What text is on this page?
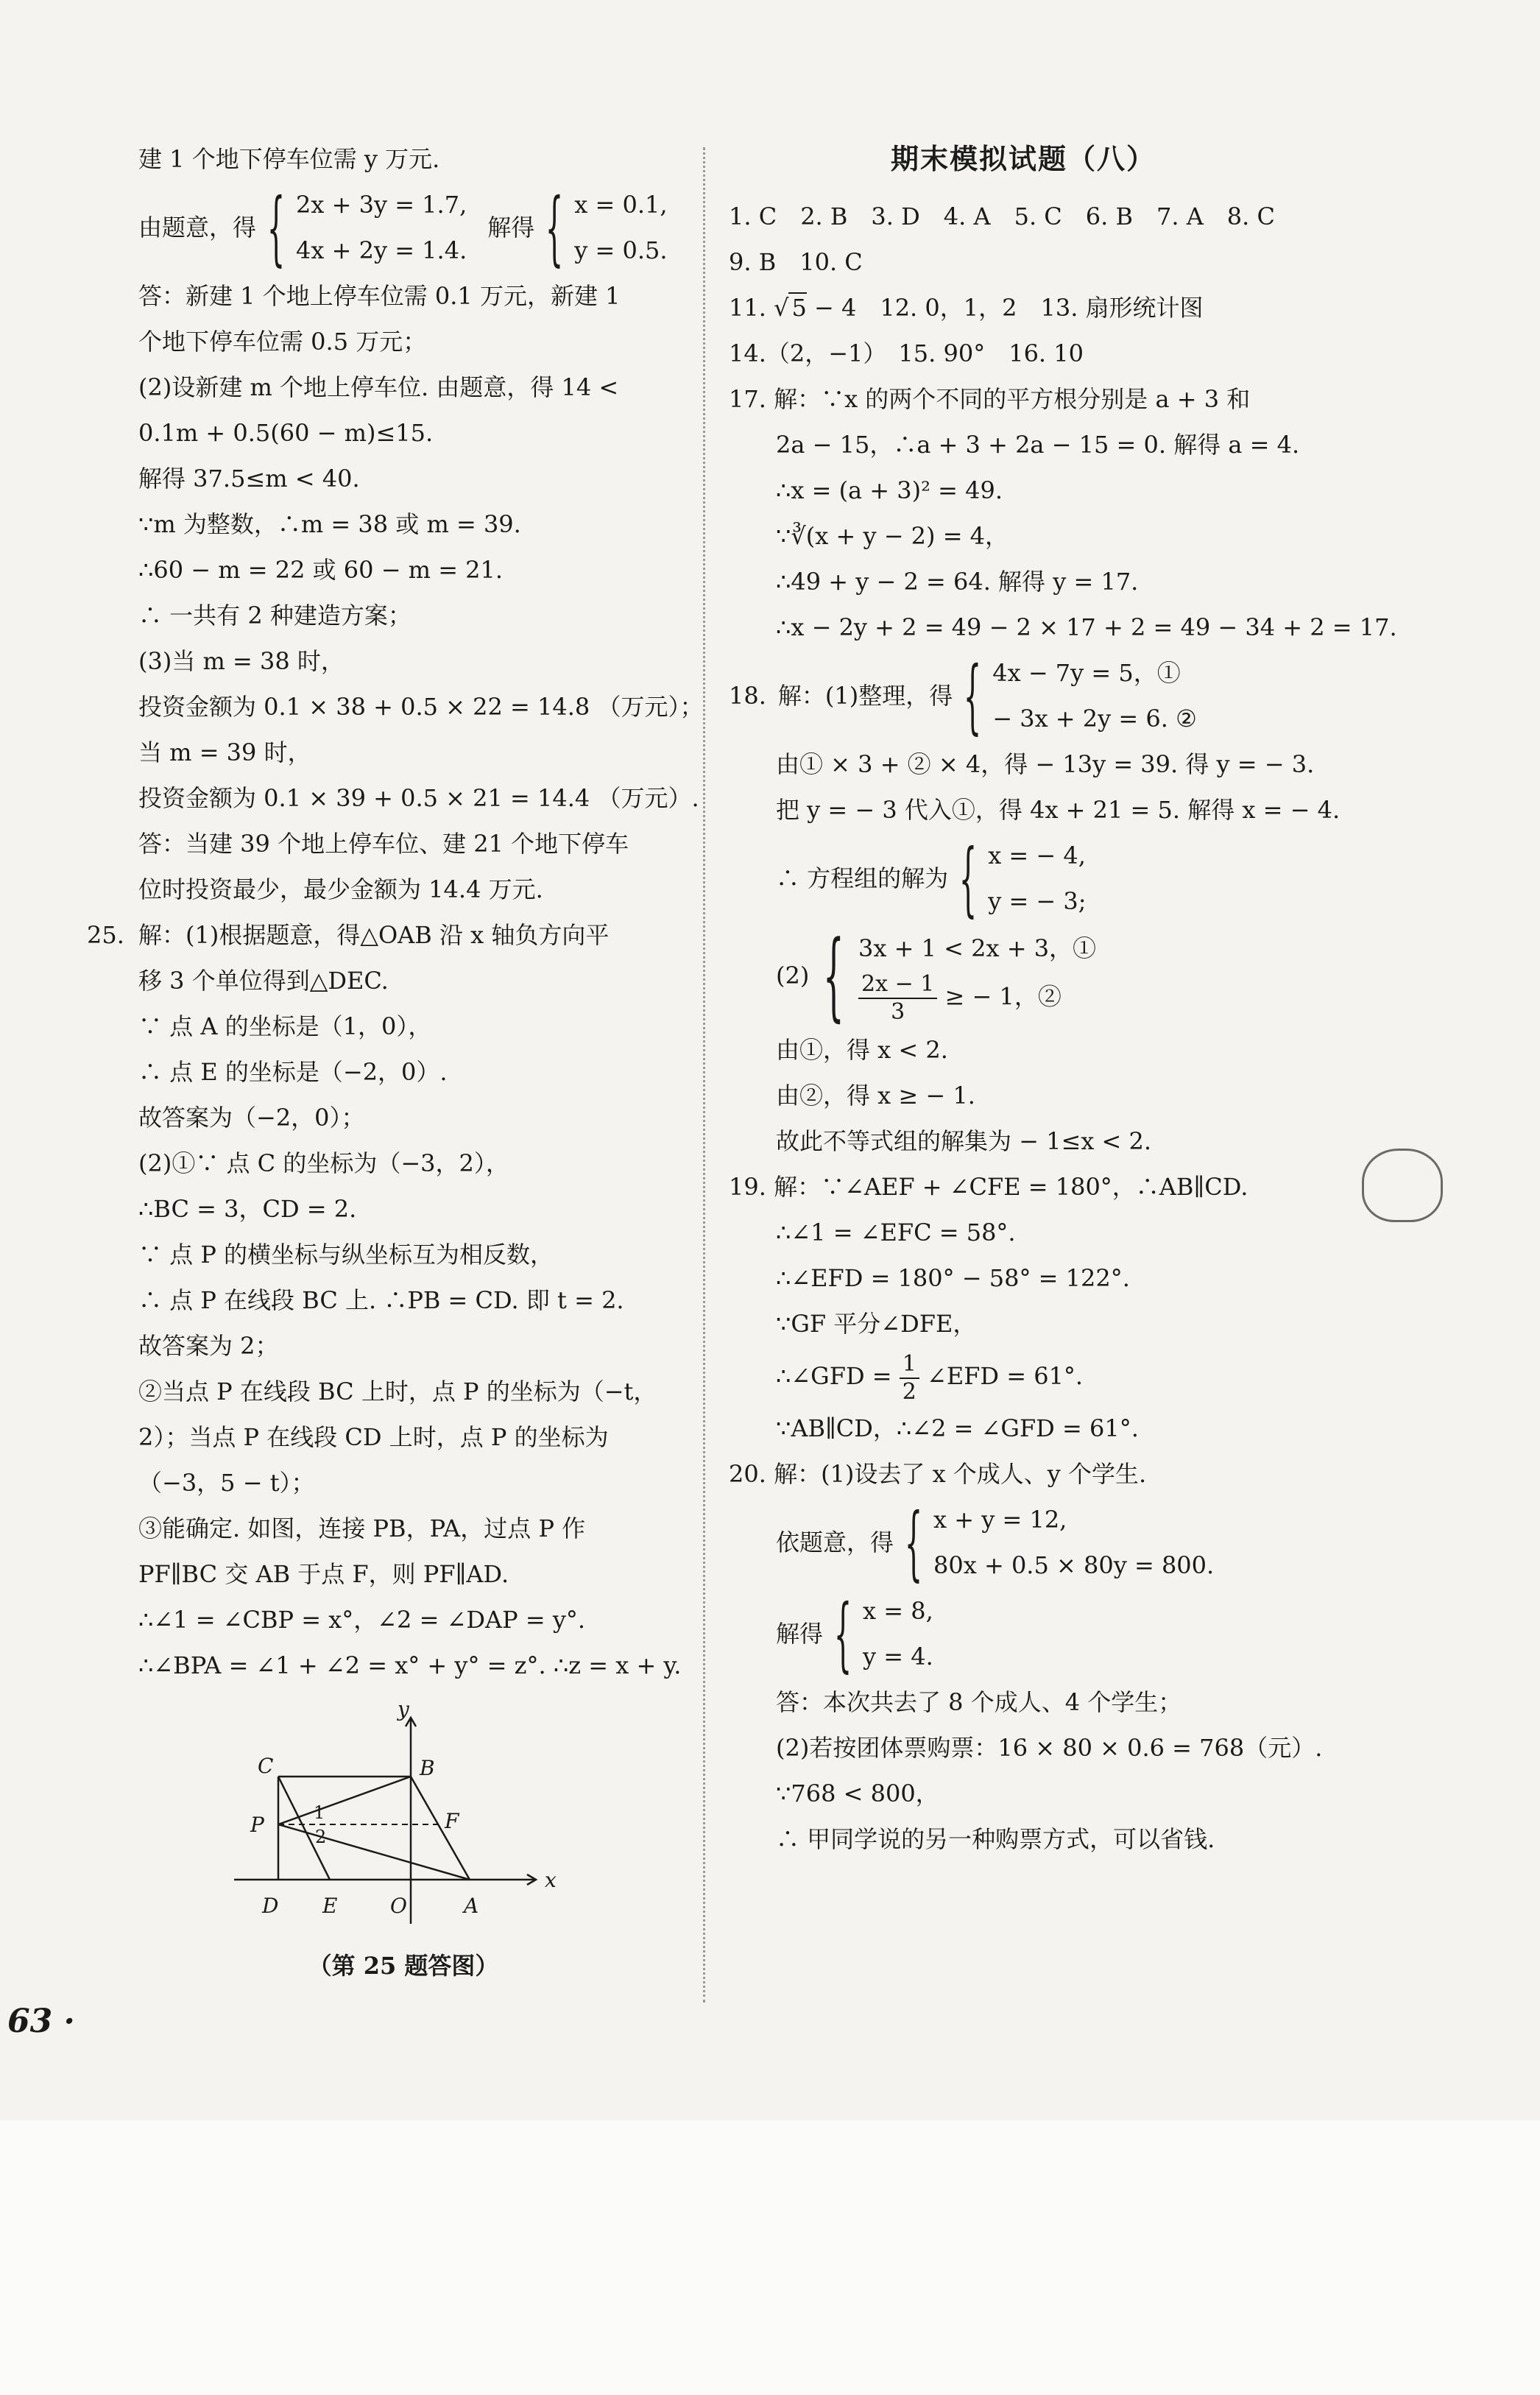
建 1 个地下停车位需 y 万元.
由题意，得 { 2x + 3y = 1.7,
4x + 2y = 1.4.
解得 { x = 0.1,
y = 0.5.
答：新建 1 个地上停车位需 0.1 万元，新建 1
个地下停车位需 0.5 万元；
(2)设新建 m 个地上停车位. 由题意，得 14 <
0.1m + 0.5(60 − m)≤15.
解得 37.5≤m < 40.
∵m 为整数，∴m = 38 或 m = 39.
∴60 − m = 22 或 60 − m = 21.
∴ 一共有 2 种建造方案；
(3)当 m = 38 时，
投资金额为 0.1 × 38 + 0.5 × 22 = 14.8 （万元）；
当 m = 39 时，
投资金额为 0.1 × 39 + 0.5 × 21 = 14.4 （万元）.
答：当建 39 个地上停车位、建 21 个地下停车
位时投资最少，最少金额为 14.4 万元.
25. 解：(1)根据题意，得△OAB 沿 x 轴负方向平
移 3 个单位得到△DEC.
∵ 点 A 的坐标是（1，0），
∴ 点 E 的坐标是（−2，0）.
故答案为（−2，0）；
(2)①∵ 点 C 的坐标为（−3，2），
∴BC = 3，CD = 2.
∵ 点 P 的横坐标与纵坐标互为相反数，
∴ 点 P 在线段 BC 上. ∴PB = CD. 即 t = 2.
故答案为 2；
②当点 P 在线段 BC 上时，点 P 的坐标为（−t，
2）；当点 P 在线段 CD 上时，点 P 的坐标为
（−3，5 − t）；
③能确定. 如图，连接 PB，PA，过点 P 作
PF∥BC 交 AB 于点 F，则 PF∥AD.
∴∠1 = ∠CBP = x°，∠2 = ∠DAP = y°.
∴∠BPA = ∠1 + ∠2 = x° + y° = z°. ∴z = x + y.
y
x
C	B
P	F
D E	O	A
1
2
（第 25 题答图）
期末模拟试题（八）
1. C　2. B　3. D　4. A　5. C　6. B　7. A　8. C
9. B　10. C
11. √ 5 − 4　12. 0，1，2　13. 扇形统计图
14.（2，−1）　15. 90°　16. 10
17. 解：∵x 的两个不同的平方根分别是 a + 3 和
2a − 15，∴a + 3 + 2a − 15 = 0. 解得 a = 4.
∴x = (a + 3)² = 49.
∵∛(x + y − 2) = 4，
∴49 + y − 2 = 64. 解得 y = 17.
∴x − 2y + 2 = 49 − 2 × 17 + 2 = 49 − 34 + 2 = 17.
18. 解：(1)整理，得 { 4x − 7y = 5，①
− 3x + 2y = 6. ②
由① × 3 + ② × 4，得 − 13y = 39. 得 y = − 3.
把 y = − 3 代入①，得 4x + 21 = 5. 解得 x = − 4.
∴ 方程组的解为 { x = − 4,
y = − 3;
(2) { 3x + 1 < 2x + 3，①
$\frac{2x - 1}{3}$ ≥ − 1，②
由①，得 x < 2.
由②，得 x ≥ − 1.
故此不等式组的解集为 − 1≤x < 2.
19. 解：∵∠AEF + ∠CFE = 180°，∴AB∥CD.
∴∠1 = ∠EFC = 58°.
∴∠EFD = 180° − 58° = 122°.
∵GF 平分∠DFE，
∴∠GFD = $\frac{1}{2}$ ∠EFD = 61°.
∵AB∥CD，∴∠2 = ∠GFD = 61°.
20. 解：(1)设去了 x 个成人、y 个学生.
依题意，得 { x + y = 12,
80x + 0.5 × 80y = 800.
解得 { x = 8,
y = 4.
答：本次共去了 8 个成人、4 个学生；
(2)若按团体票购票：16 × 80 × 0.6 = 768（元）.
∵768 < 800，
∴ 甲同学说的另一种购票方式，可以省钱.
63 ·
